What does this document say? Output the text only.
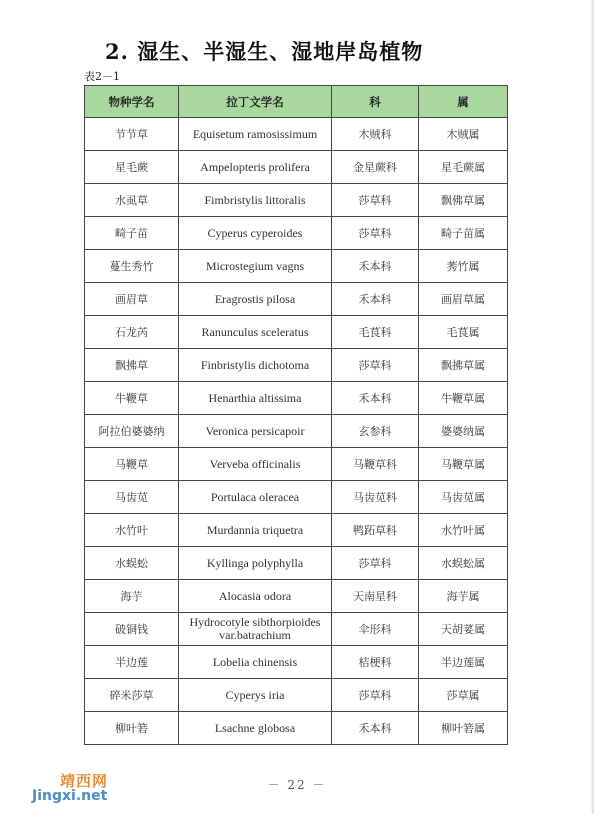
2. 湿生、半湿生、湿地岸岛植物
表2－1
物种学名	拉丁文学名	科	属
节节草	Equisetum ramosissimum	木贼科	木贼属
星毛蕨	Ampelopteris prolifera	金星蕨科	星毛蕨属
水虱草	Fimbristylis littoralis	莎草科	飘佛草属
畸子苗	Cyperus cyperoides	莎草科	畸子苗属
蔓生秀竹	Microstegium vagns	禾本科	莠竹属
画眉草	Eragrostis pilosa	禾本科	画眉草属
石龙芮	Ranunculus sceleratus	毛茛科	毛茛属
飘拂草	Finbristylis dichotoma	莎草科	飘拂草属
牛鞭草	Henarthia altissima	禾本科	牛鞭草属
阿拉伯婆婆纳	Veronica persicapoir	玄参科	婆婆纳属
马鞭草	Verveba officinalis	马鞭草科	马鞭草属
马齿苋	Portulaca oleracea	马齿苋科	马齿苋属
水竹叶	Murdannia triquetra	鸭跖草科	水竹叶属
水蜈蚣	Kyllinga polyphylla	莎草科	水蜈蚣属
海芋	Alocasia odora	天南星科	海芋属
破铜钱	Hydrocotyle sibthorpioides var.batrachium	伞形科	天胡荽属
半边莲	Lobelia chinensis	桔梗科	半边莲属
碎米莎草	Cyperys iria	莎草科	莎草属
柳叶箬	Lsachne globosa	禾本科	柳叶箬属
－ 22 －
靖西网
Jingxi.net
